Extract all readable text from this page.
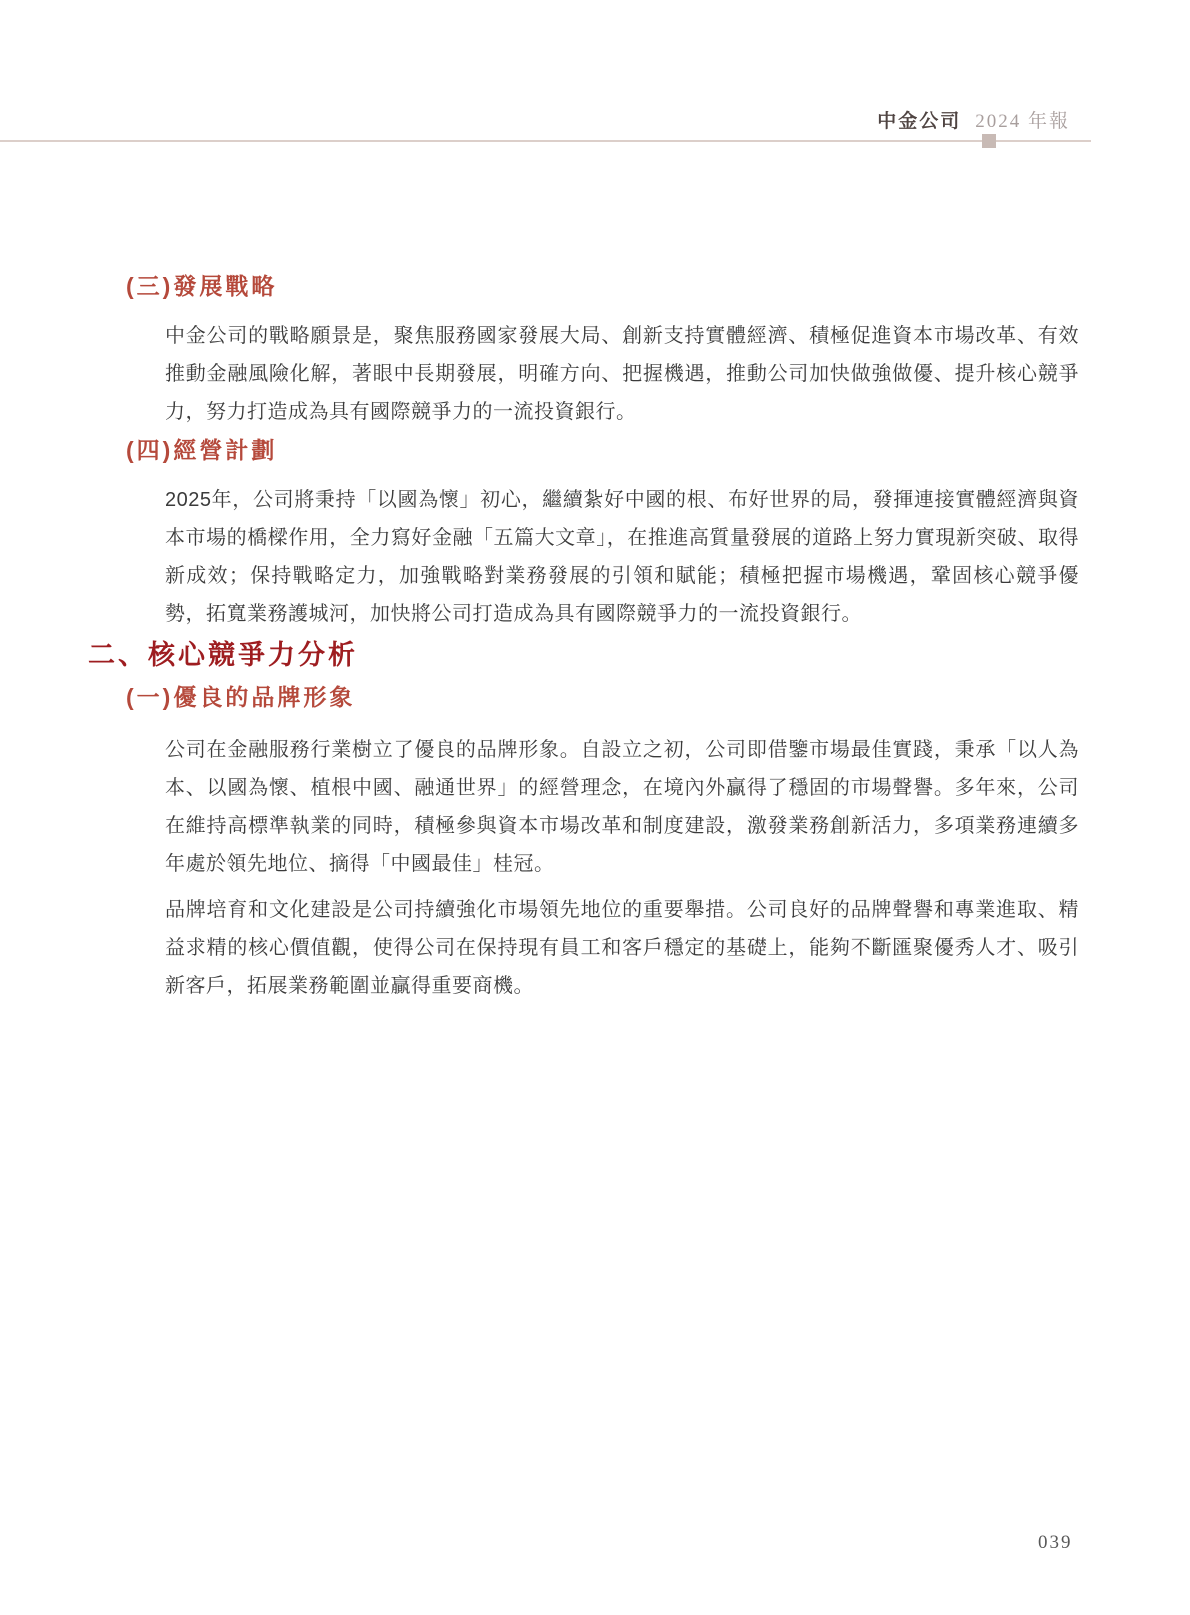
中金公司 2024 年報
(三)發展戰略
中金公司的戰略願景是，聚焦服務國家發展大局、創新支持實體經濟、積極促進資本市場改革、有效推動金融風險化解，著眼中長期發展，明確方向、把握機遇，推動公司加快做強做優、提升核心競爭力，努力打造成為具有國際競爭力的一流投資銀行。
(四)經營計劃
2025年，公司將秉持「以國為懷」初心，繼續紮好中國的根、布好世界的局，發揮連接實體經濟與資本市場的橋樑作用，全力寫好金融「五篇大文章」，在推進高質量發展的道路上努力實現新突破、取得新成效；保持戰略定力，加強戰略對業務發展的引領和賦能；積極把握市場機遇，鞏固核心競爭優勢，拓寬業務護城河，加快將公司打造成為具有國際競爭力的一流投資銀行。
二、核心競爭力分析
(一)優良的品牌形象
公司在金融服務行業樹立了優良的品牌形象。自設立之初，公司即借鑒市場最佳實踐，秉承「以人為本、以國為懷、植根中國、融通世界」的經營理念，在境內外贏得了穩固的市場聲譽。多年來，公司在維持高標準執業的同時，積極參與資本市場改革和制度建設，激發業務創新活力，多項業務連續多年處於領先地位、摘得「中國最佳」桂冠。
品牌培育和文化建設是公司持續強化市場領先地位的重要舉措。公司良好的品牌聲譽和專業進取、精益求精的核心價值觀，使得公司在保持現有員工和客戶穩定的基礎上，能夠不斷匯聚優秀人才、吸引新客戶，拓展業務範圍並贏得重要商機。
039
